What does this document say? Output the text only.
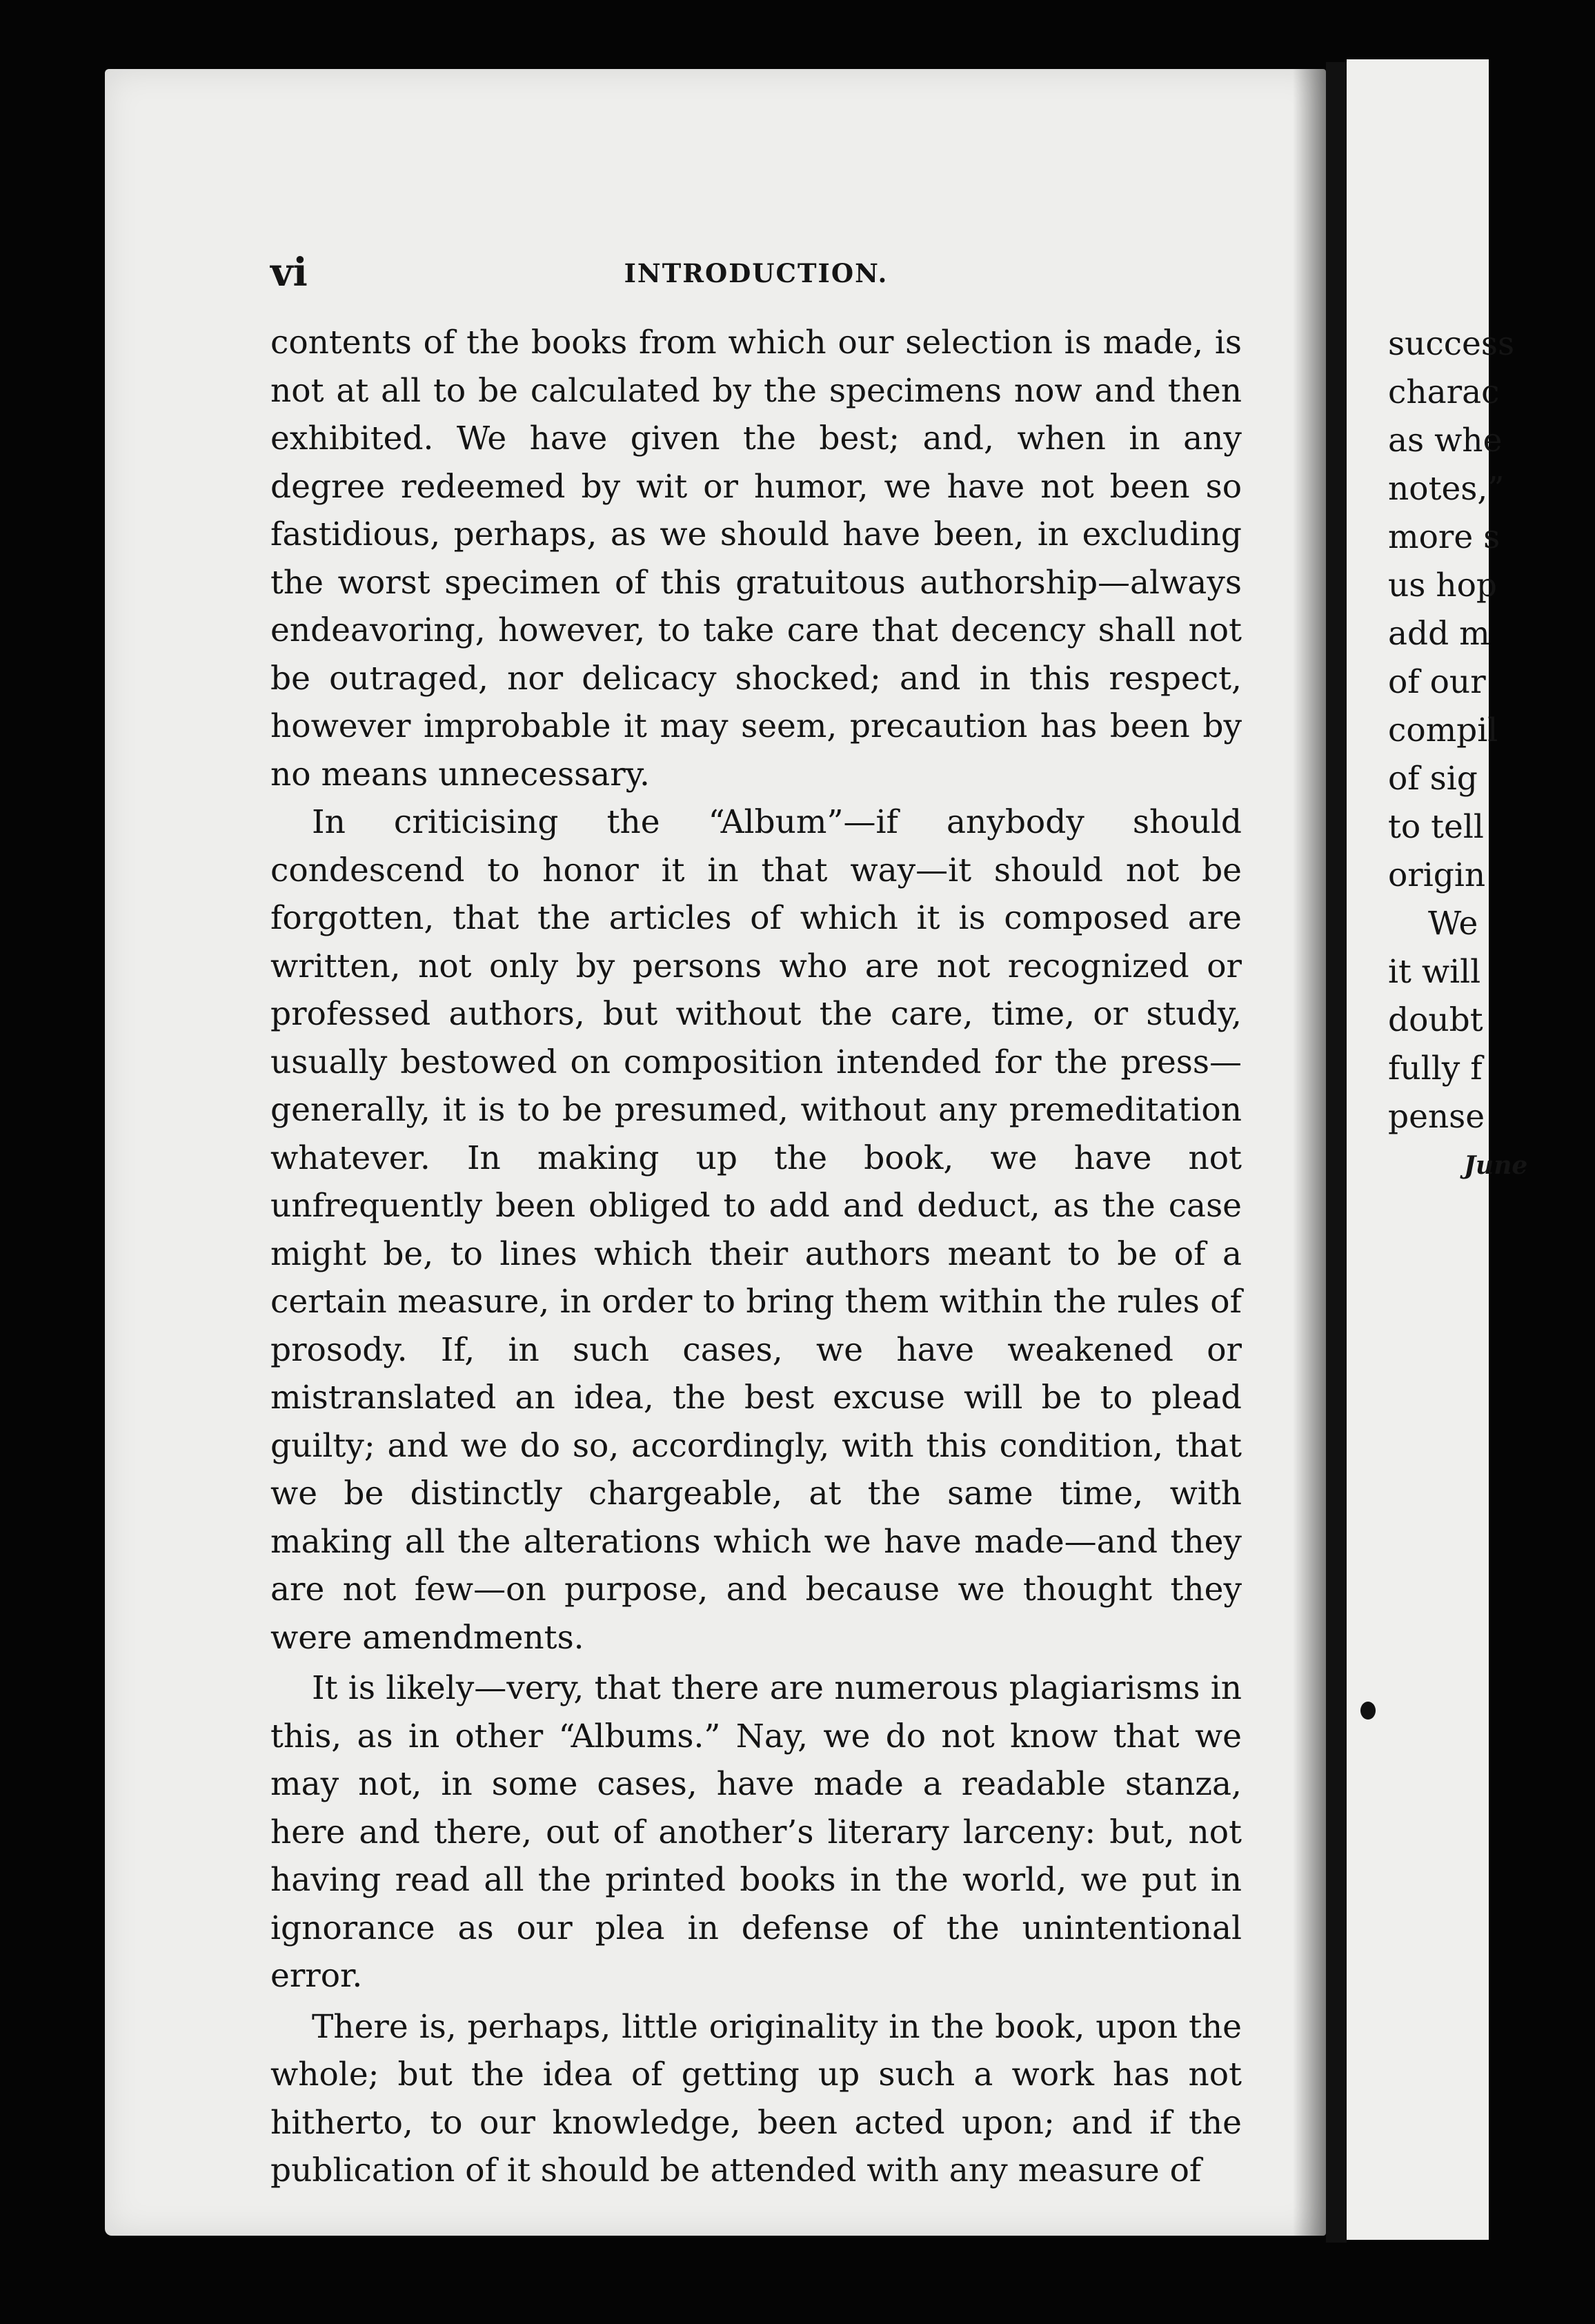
vi	INTRODUCTION.

contents of the books from which our selection is made, is not at all to be calculated by the specimens now and then exhibited. We have given the best; and, when in any degree redeemed by wit or humor, we have not been so fastidious, perhaps, as we should have been, in excluding the worst specimen of this gratuitous authorship—always endeavoring, however, to take care that decency shall not be outraged, nor delicacy shocked; and in this respect, however improbable it may seem, precaution has been by no means unnecessary.

In criticising the “Album”—if anybody should condescend to honor it in that way—it should not be forgotten, that the articles of which it is composed are written, not only by persons who are not recognized or professed authors, but without the care, time, or study, usually bestowed on composition intended for the press—generally, it is to be presumed, without any premeditation whatever. In making up the book, we have not unfrequently been obliged to add and deduct, as the case might be, to lines which their authors meant to be of a certain measure, in order to bring them within the rules of prosody. If, in such cases, we have weakened or mistranslated an idea, the best excuse will be to plead guilty; and we do so, accordingly, with this condition, that we be distinctly chargeable, at the same time, with making all the alterations which we have made—and they are not few—on purpose, and because we thought they were amendments.

It is likely—very, that there are numerous plagiarisms in this, as in other “Albums.” Nay, we do not know that we may not, in some cases, have made a readable stanza, here and there, out of another’s literary larceny: but, not having read all the printed books in the world, we put in ignorance as our plea in defense of the unintentional error.

There is, perhaps, little originality in the book, upon the whole; but the idea of getting up such a work has not hitherto, to our knowledge, been acted upon; and if the publication of it should be attended with any measure of

success
charac
as whe
notes,”
more s
us hop
add m
of our
compil
of sig
to tell
origin
We
it will
doubt
fully f
pense
June
